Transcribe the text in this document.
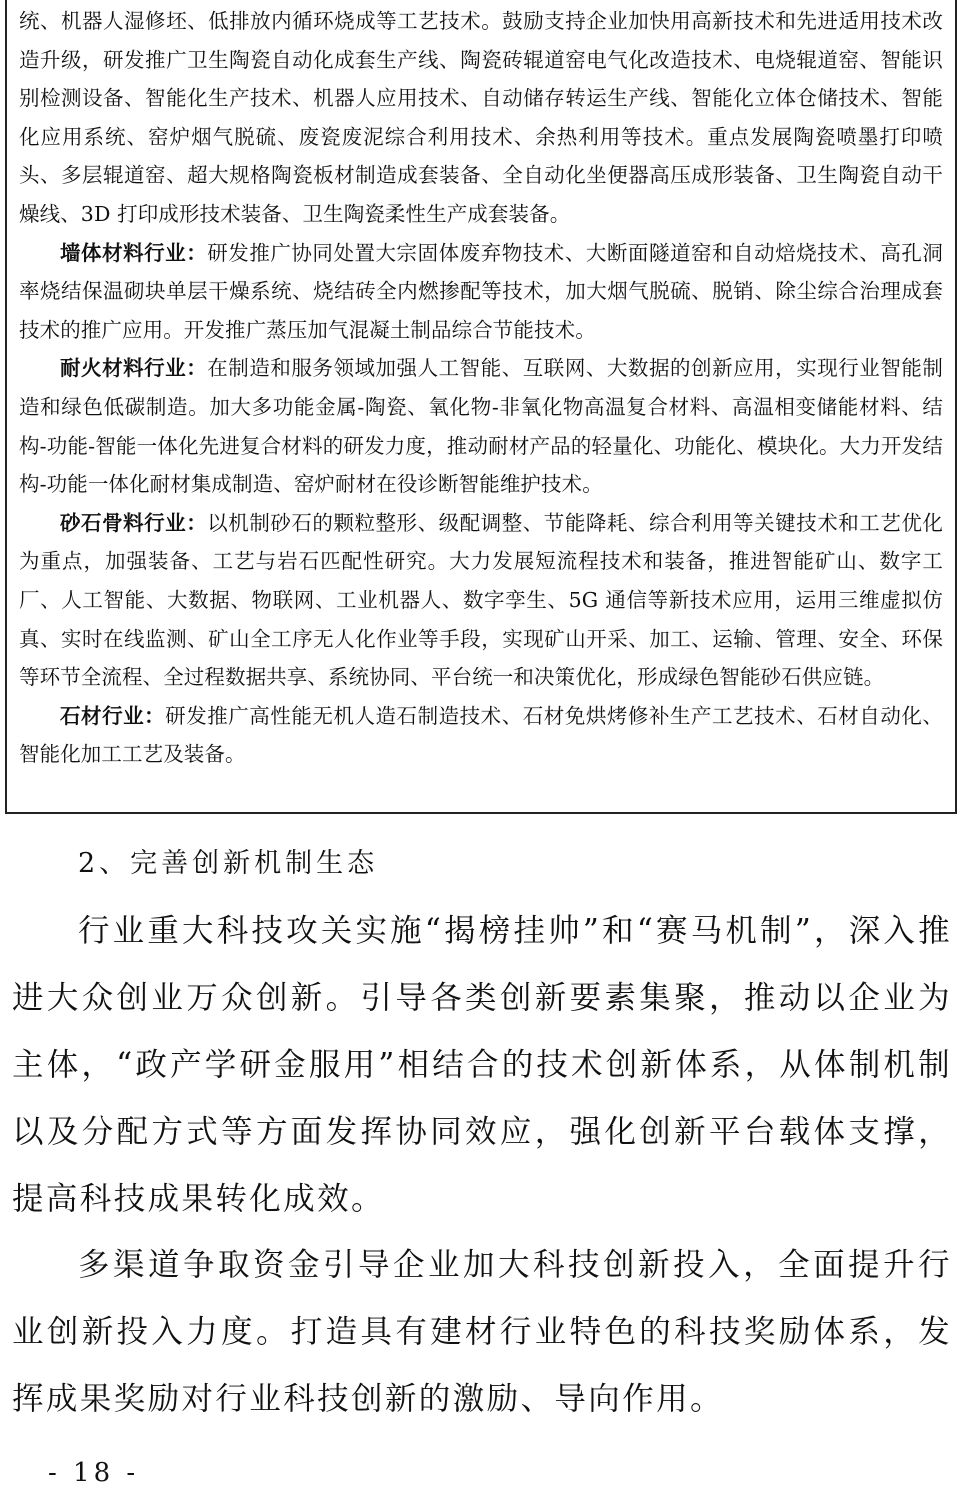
统、机器人湿修坯、低排放内循环烧成等工艺技术。鼓励支持企业加快用高新技术和先进适用技术改造升级，研发推广卫生陶瓷自动化成套生产线、陶瓷砖辊道窑电气化改造技术、电烧辊道窑、智能识别检测设备、智能化生产技术、机器人应用技术、自动储存转运生产线、智能化立体仓储技术、智能化应用系统、窑炉烟气脱硫、废瓷废泥综合利用技术、余热利用等技术。重点发展陶瓷喷墨打印喷头、多层辊道窑、超大规格陶瓷板材制造成套装备、全自动化坐便器高压成形装备、卫生陶瓷自动干燥线、3D 打印成形技术装备、卫生陶瓷柔性生产成套装备。

墙体材料行业：研发推广协同处置大宗固体废弃物技术、大断面隧道窑和自动焙烧技术、高孔洞率烧结保温砌块单层干燥系统、烧结砖全内燃掺配等技术，加大烟气脱硫、脱销、除尘综合治理成套技术的推广应用。开发推广蒸压加气混凝土制品综合节能技术。

耐火材料行业：在制造和服务领域加强人工智能、互联网、大数据的创新应用，实现行业智能制造和绿色低碳制造。加大多功能金属-陶瓷、氧化物-非氧化物高温复合材料、高温相变储能材料、结构-功能-智能一体化先进复合材料的研发力度，推动耐材产品的轻量化、功能化、模块化。大力开发结构-功能一体化耐材集成制造、窑炉耐材在役诊断智能维护技术。

砂石骨料行业：以机制砂石的颗粒整形、级配调整、节能降耗、综合利用等关键技术和工艺优化为重点，加强装备、工艺与岩石匹配性研究。大力发展短流程技术和装备，推进智能矿山、数字工厂、人工智能、大数据、物联网、工业机器人、数字孪生、5G 通信等新技术应用，运用三维虚拟仿真、实时在线监测、矿山全工序无人化作业等手段，实现矿山开采、加工、运输、管理、安全、环保等环节全流程、全过程数据共享、系统协同、平台统一和决策优化，形成绿色智能砂石供应链。

石材行业：研发推广高性能无机人造石制造技术、石材免烘烤修补生产工艺技术、石材自动化、智能化加工工艺及装备。

2、完善创新机制生态

行业重大科技攻关实施“揭榜挂帅”和“赛马机制”，深入推进大众创业万众创新。引导各类创新要素集聚，推动以企业为主体，“政产学研金服用”相结合的技术创新体系，从体制机制以及分配方式等方面发挥协同效应，强化创新平台载体支撑，提高科技成果转化成效。

多渠道争取资金引导企业加大科技创新投入，全面提升行业创新投入力度。打造具有建材行业特色的科技奖励体系，发挥成果奖励对行业科技创新的激励、导向作用。

- 18 -
